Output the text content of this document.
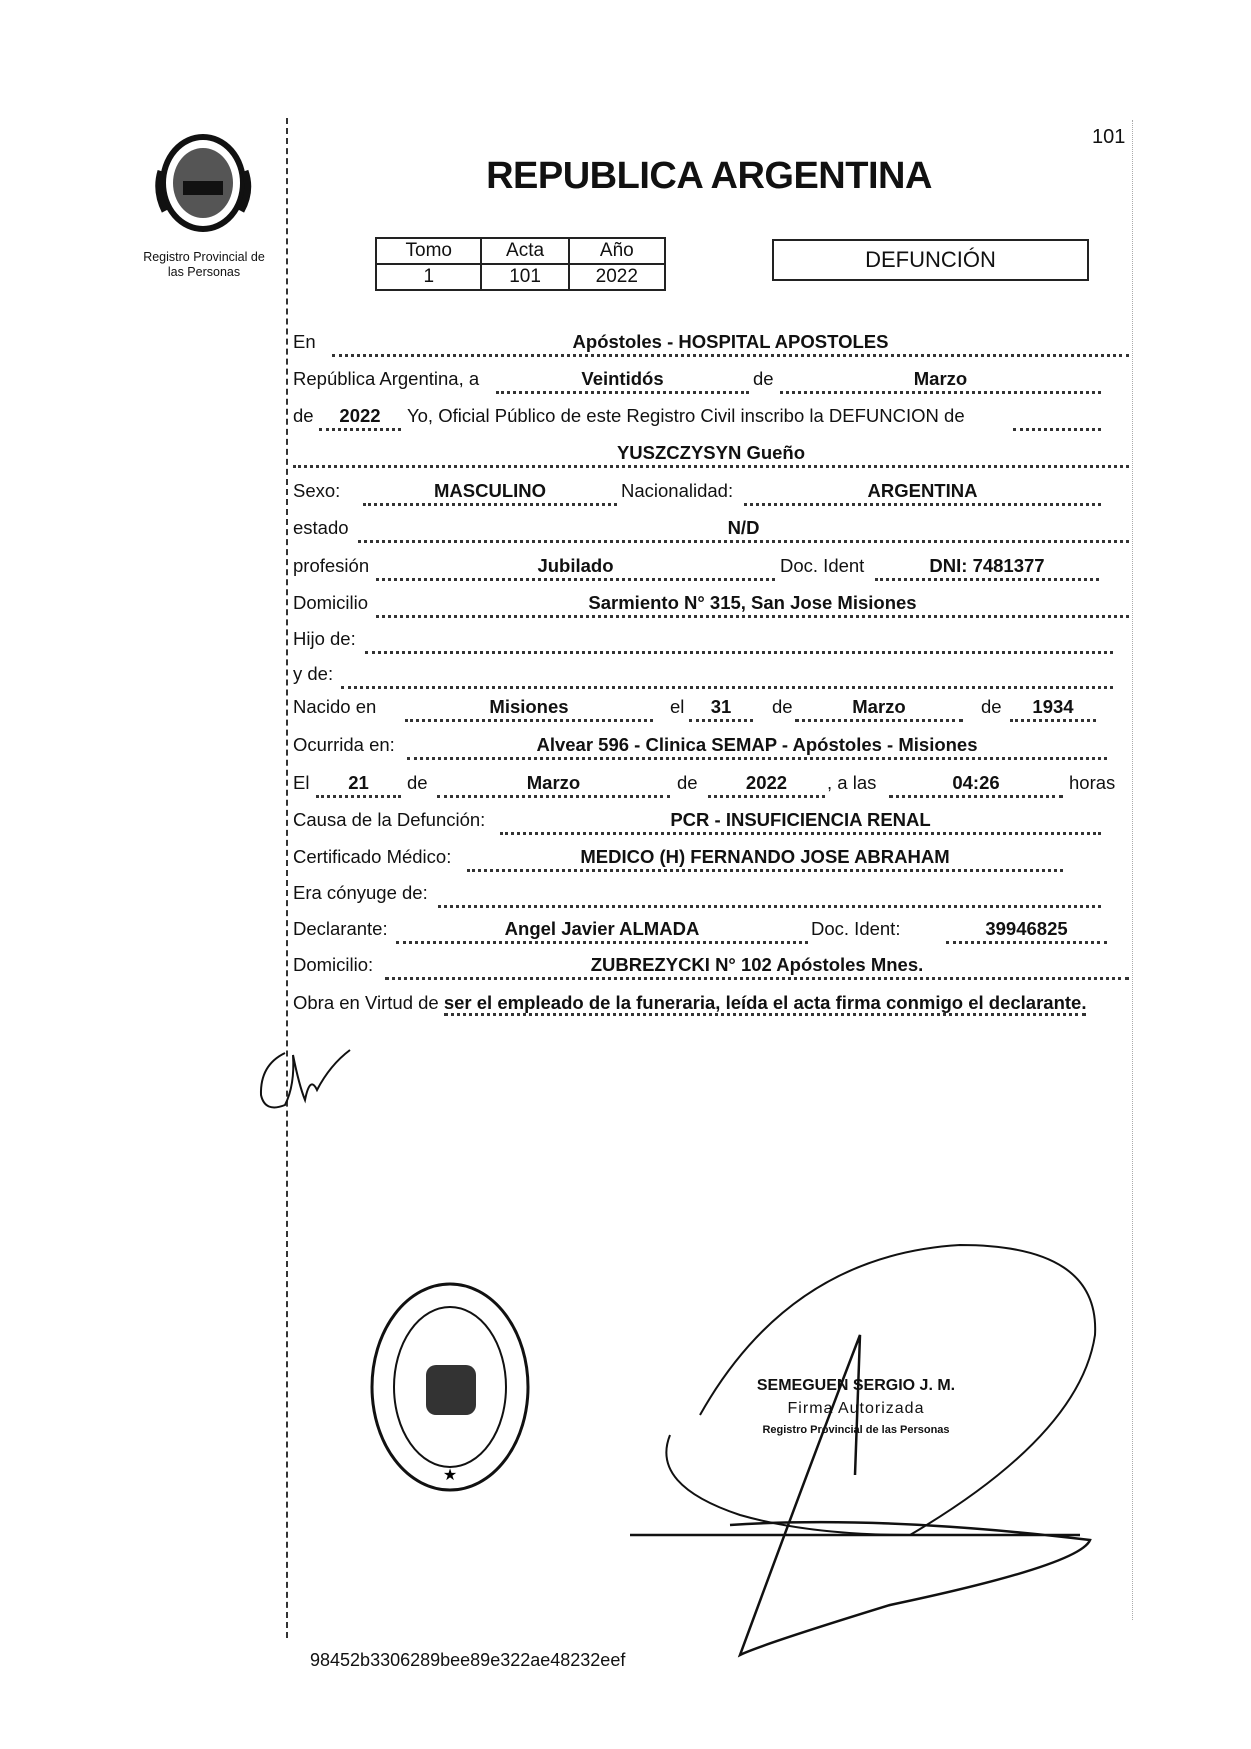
Registro Provincial de
las Personas
101
REPUBLICA ARGENTINA
Tomo	Acta	Año
1	101	2022
DEFUNCIÓN
En	Apóstoles - HOSPITAL APOSTOLES
República Argentina, a	Veintidós	de	Marzo
de	2022	Yo, Oficial Público de este Registro Civil inscribo la DEFUNCION de
YUSZCZYSYN Gueño
Sexo:	MASCULINO	Nacionalidad:	ARGENTINA
estado	N/D
profesión	Jubilado	Doc. Ident	DNI: 7481377
Domicilio	Sarmiento N° 315, San Jose Misiones
Hijo de:
y de:
Nacido en	Misiones	el	31	de	Marzo	de	1934
Ocurrida en:	Alvear 596 - Clinica SEMAP - Apóstoles - Misiones
El	21	de	Marzo	de	2022	, a las	04:26	horas
Causa de la Defunción:	PCR - INSUFICIENCIA RENAL
Certificado Médico:	MEDICO (H) FERNANDO JOSE ABRAHAM
Era cónyuge de:
Declarante:	Angel Javier ALMADA	Doc. Ident:	39946825
Domicilio:	ZUBREZYCKI N° 102 Apóstoles Mnes.
Obra en Virtud de ser el empleado de la funeraria, leída el acta firma conmigo el declarante.
★
SEMEGUEN SERGIO J. M.
Firma Autorizada
Registro Provincial de las Personas
98452b3306289bee89e322ae48232eef
